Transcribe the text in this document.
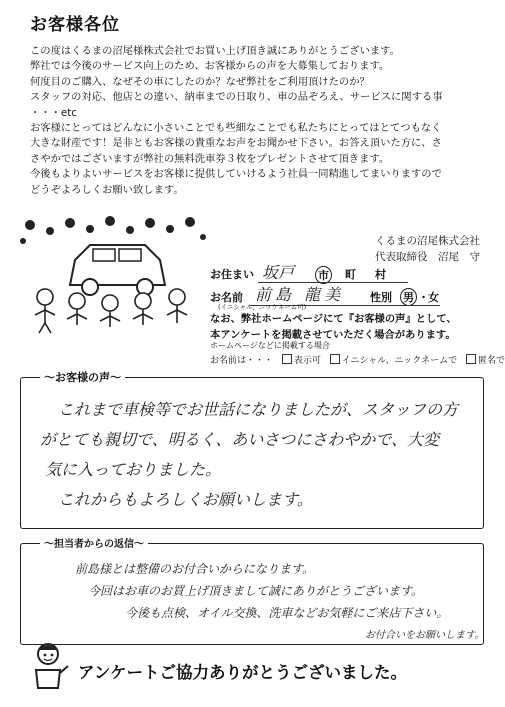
お客様各位
この度はくるまの沼尾様株式会社でお買い上げ頂き誠にありがとうございます。
弊社では今後のサービス向上のため、お客様からの声を大募集しております。
何度目のご購入、なぜその車にしたのか？なぜ弊社をご利用頂けたのか？
スタッフの対応、他店との違い、納車までの日取り、車の品ぞろえ、サービスに関する事
・・・etc
お客様にとってはどんなに小さいことでも些細なことでも私たちにとってはとてつもなく
大きな財産です！是非ともお客様の貴重なお声をお聞かせ下さい。お答え頂いた方に、さ
さやかではございますが弊社の無料洗車券３枚をプレゼントさせて頂きます。
今後もよりよいサービスをお客様に提供していけるよう社員一同精進してまいりますので
どうぞよろしくお願い致します。
くるまの沼尾株式会社
代表取締役　沼尾　守
お住まい 坂戸 市 町 村
お名前 前島 龍美
(イニシャル、ニックネーム可)
性別 男 ・ 女
なお、弊社ホームページにて『お客様の声』として、
本アンケートを掲載させていただく場合があります。
ホームページなどに掲載する場合
お名前は・・・ 表示可 イニシャル、ニックネームで 匿名で
～お客様の声～
これまで車検等でお世話になりましたが、スタッフの方
がとても親切で、明るく、あいさつにさわやかで、大変
気に入っておりました。
これからもよろしくお願いします。
～担当者からの返信～
前島様とは整備のお付合いからになります。
今回はお車のお買上げ頂きまして誠にありがとうございます。
今後も点検、オイル交換、洗車などお気軽にご来店下さい。
お付合いをお願いします。
アンケートご協力ありがとうございました。
